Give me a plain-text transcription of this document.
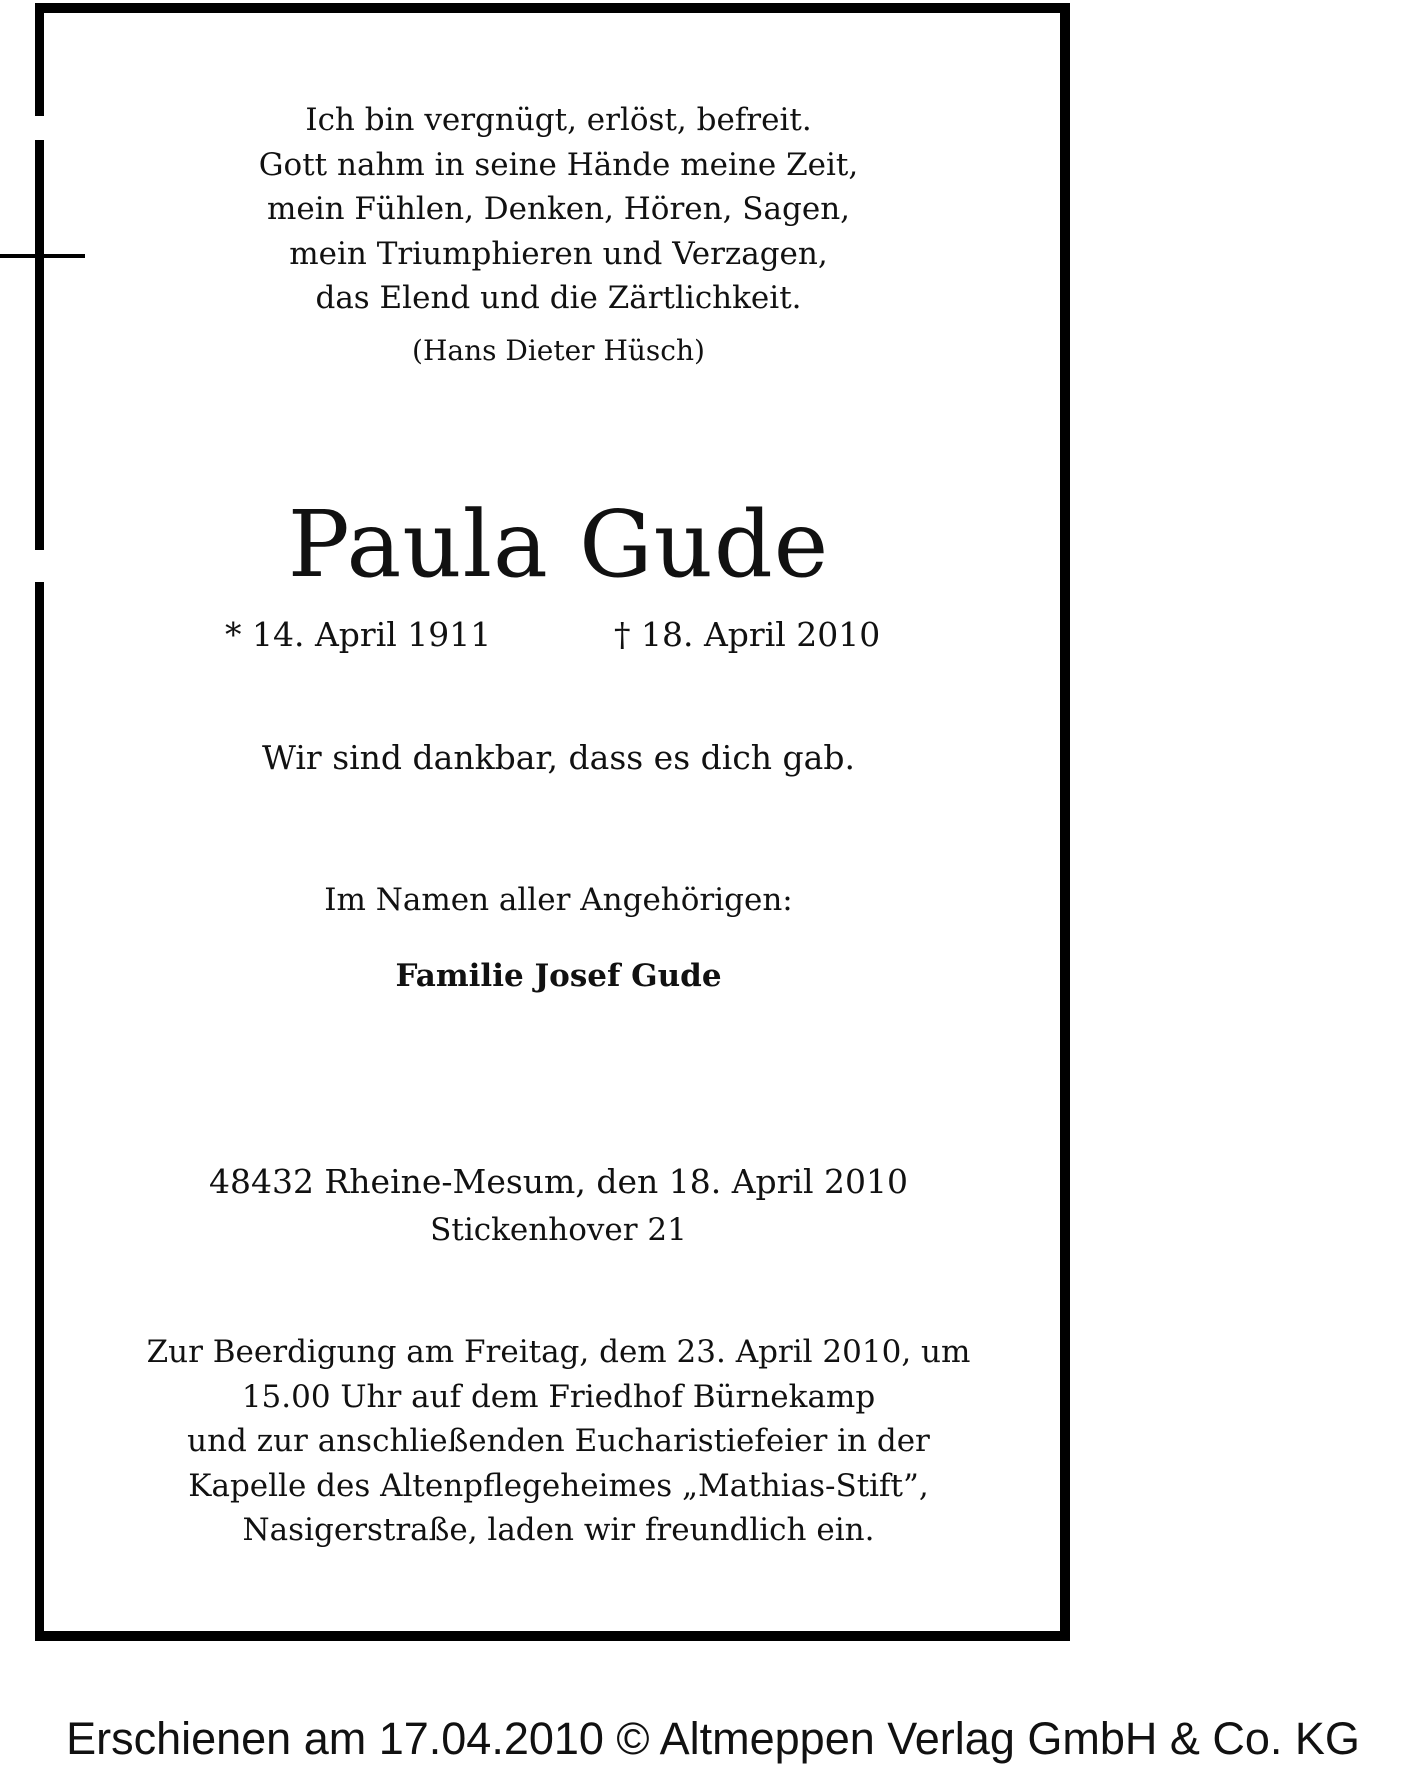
Ich bin vergnügt, erlöst, befreit.
Gott nahm in seine Hände meine Zeit,
mein Fühlen, Denken, Hören, Sagen,
mein Triumphieren und Verzagen,
das Elend und die Zärtlichkeit.
(Hans Dieter Hüsch)
Paula Gude
* 14. April 1911	† 18. April 2010
Wir sind dankbar, dass es dich gab.
Im Namen aller Angehörigen:
Familie Josef Gude
48432 Rheine-Mesum, den 18. April 2010
Stickenhover 21
Zur Beerdigung am Freitag, dem 23. April 2010, um
15.00 Uhr auf dem Friedhof Bürnekamp
und zur anschließenden Eucharistiefeier in der
Kapelle des Altenpflegeheimes „Mathias-Stift”,
Nasigerstraße, laden wir freundlich ein.
Erschienen am 17.04.2010 © Altmeppen Verlag GmbH & Co. KG
